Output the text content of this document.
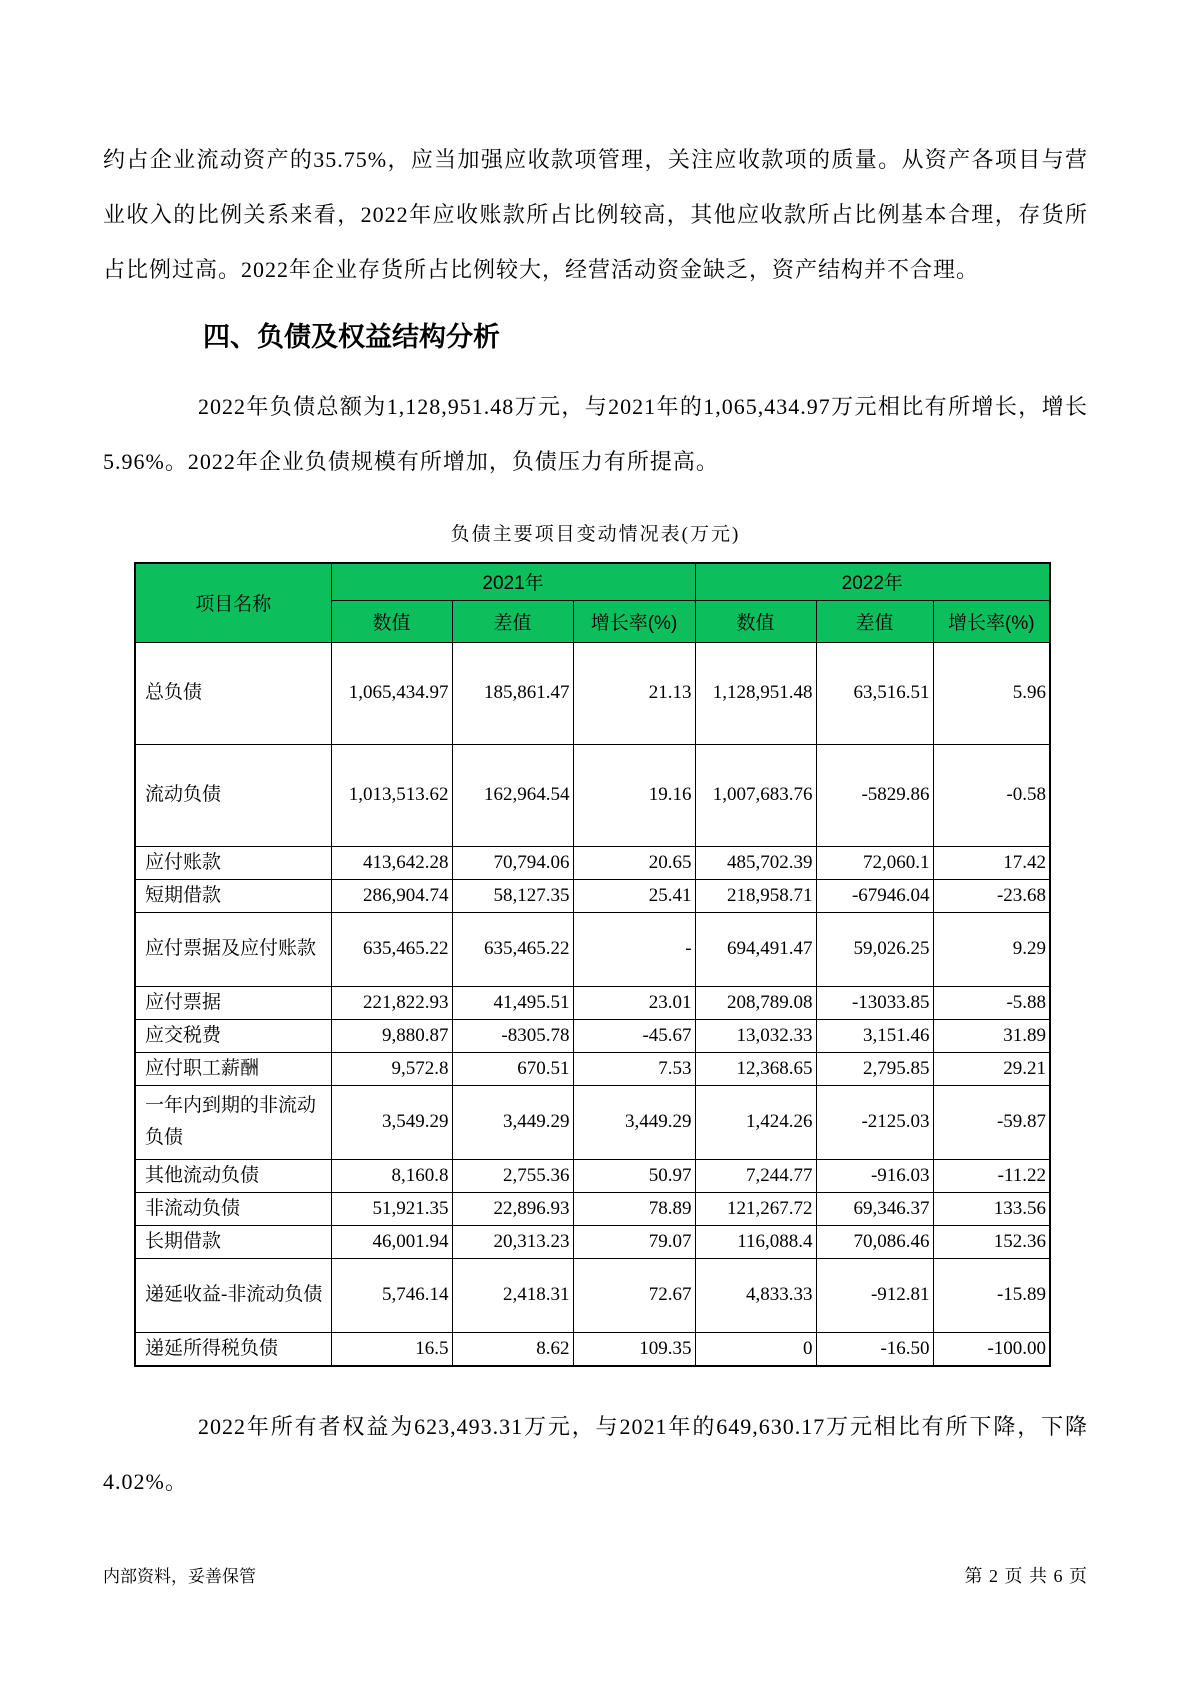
约占企业流动资产的35.75%，应当加强应收款项管理，关注应收款项的质量。从资产各项目与营业收入的比例关系来看，2022年应收账款所占比例较高，其他应收款所占比例基本合理，存货所占比例过高。2022年企业存货所占比例较大，经营活动资金缺乏，资产结构并不合理。

四、负债及权益结构分析

2022年负债总额为1,128,951.48万元，与2021年的1,065,434.97万元相比有所增长，增长5.96%。2022年企业负债规模有所增加，负债压力有所提高。

负债主要项目变动情况表(万元)
项目名称	2021年			2022年		
	数值	差值	增长率(%)	数值	差值	增长率(%)
总负债	1,065,434.97	185,861.47	21.13	1,128,951.48	63,516.51	5.96
流动负债	1,013,513.62	162,964.54	19.16	1,007,683.76	-5829.86	-0.58
应付账款	413,642.28	70,794.06	20.65	485,702.39	72,060.1	17.42
短期借款	286,904.74	58,127.35	25.41	218,958.71	-67946.04	-23.68
应付票据及应付账款	635,465.22	635,465.22	-	694,491.47	59,026.25	9.29
应付票据	221,822.93	41,495.51	23.01	208,789.08	-13033.85	-5.88
应交税费	9,880.87	-8305.78	-45.67	13,032.33	3,151.46	31.89
应付职工薪酬	9,572.8	670.51	7.53	12,368.65	2,795.85	29.21
一年内到期的非流动负债	3,549.29	3,449.29	3,449.29	1,424.26	-2125.03	-59.87
其他流动负债	8,160.8	2,755.36	50.97	7,244.77	-916.03	-11.22
非流动负债	51,921.35	22,896.93	78.89	121,267.72	69,346.37	133.56
长期借款	46,001.94	20,313.23	79.07	116,088.4	70,086.46	152.36
递延收益-非流动负债	5,746.14	2,418.31	72.67	4,833.33	-912.81	-15.89
递延所得税负债	16.5	8.62	109.35	0	-16.50	-100.00

2022年所有者权益为623,493.31万元，与2021年的649,630.17万元相比有所下降，下降4.02%。

内部资料，妥善保管	第 2 页 共 6 页
